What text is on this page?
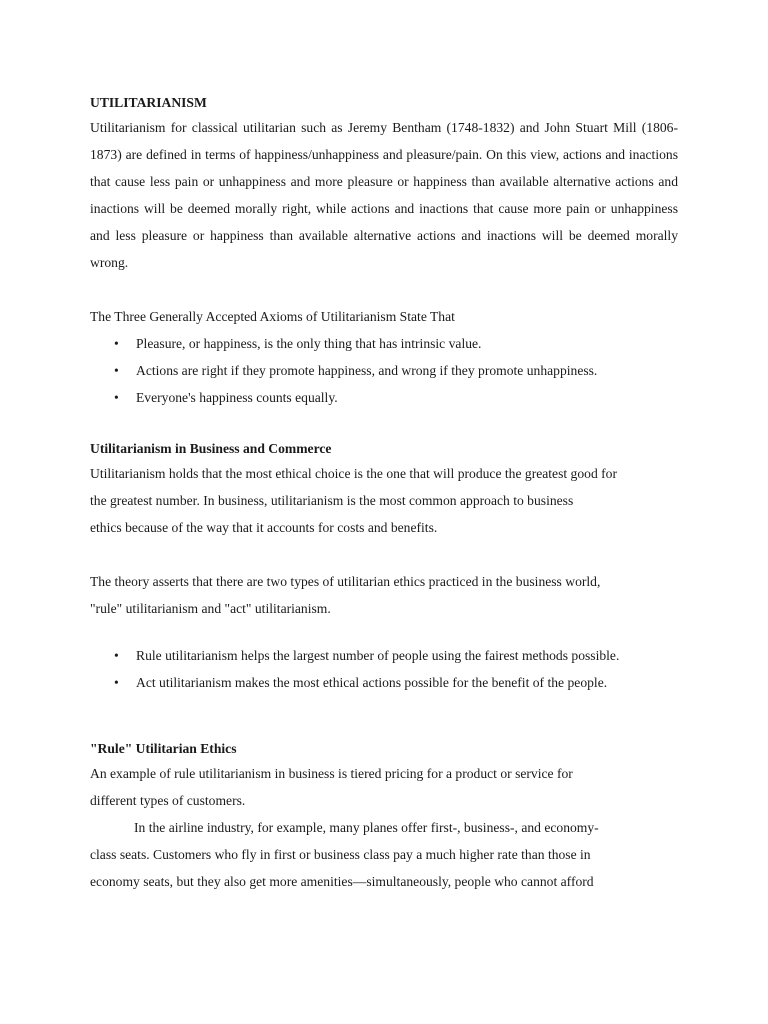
UTILITARIANISM

Utilitarianism for classical utilitarian such as Jeremy Bentham (1748-1832) and John Stuart Mill (1806-1873) are defined in terms of happiness/unhappiness and pleasure/pain. On this view, actions and inactions that cause less pain or unhappiness and more pleasure or happiness than available alternative actions and inactions will be deemed morally right, while actions and inactions that cause more pain or unhappiness and less pleasure or happiness than available alternative actions and inactions will be deemed morally wrong.

The Three Generally Accepted Axioms of Utilitarianism State That

• Pleasure, or happiness, is the only thing that has intrinsic value.
• Actions are right if they promote happiness, and wrong if they promote unhappiness.
• Everyone's happiness counts equally.

Utilitarianism in Business and Commerce

Utilitarianism holds that the most ethical choice is the one that will produce the greatest good for

the greatest number. In business, utilitarianism is the most common approach to business

ethics because of the way that it accounts for costs and benefits.

The theory asserts that there are two types of utilitarian ethics practiced in the business world,

"rule" utilitarianism and "act" utilitarianism.

• Rule utilitarianism helps the largest number of people using the fairest methods possible.
• Act utilitarianism makes the most ethical actions possible for the benefit of the people.

"Rule" Utilitarian Ethics

An example of rule utilitarianism in business is tiered pricing for a product or service for

different types of customers.

In the airline industry, for example, many planes offer first-, business-, and economy-

class seats. Customers who fly in first or business class pay a much higher rate than those in

economy seats, but they also get more amenities—simultaneously, people who cannot afford
